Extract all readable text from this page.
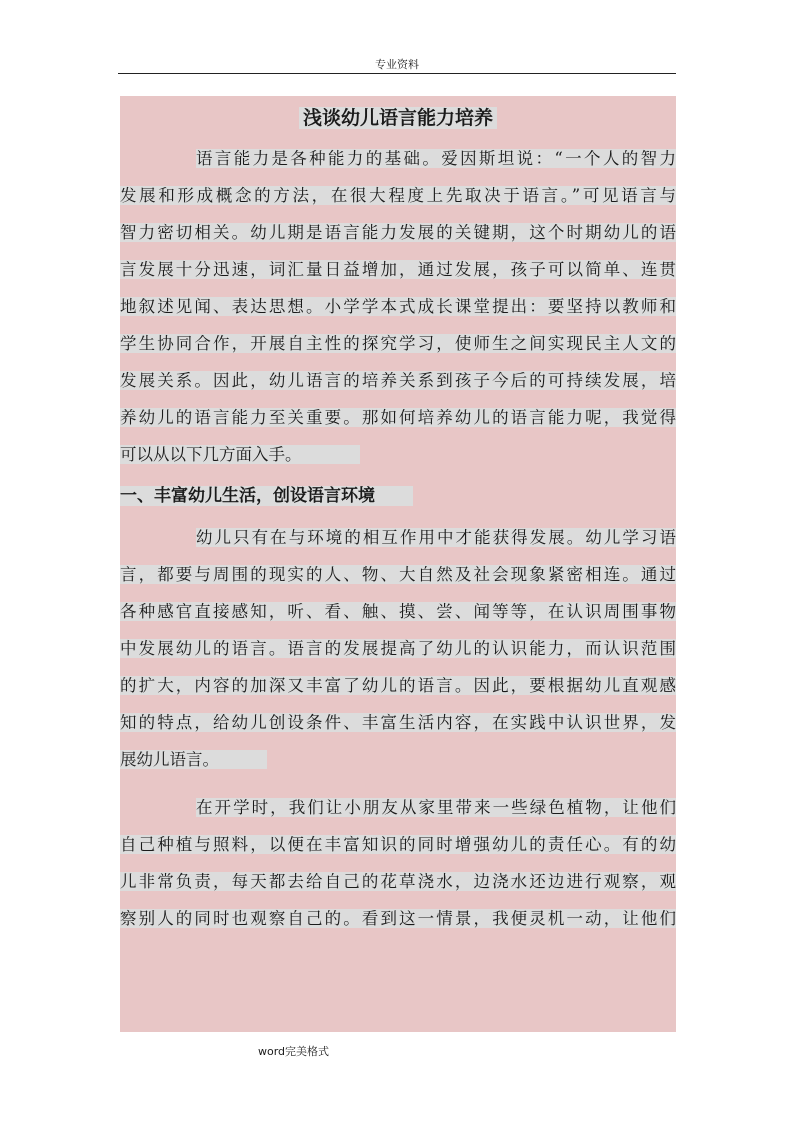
专业资料
浅谈幼儿语言能力培养
语言能力是各种能力的基础。爱因斯坦说：“一个人的智力
发展和形成概念的方法，在很大程度上先取决于语言。”可见语言与
智力密切相关。幼儿期是语言能力发展的关键期，这个时期幼儿的语
言发展十分迅速，词汇量日益增加，通过发展，孩子可以简单、连贯
地叙述见闻、表达思想。小学学本式成长课堂提出：要坚持以教师和
学生协同合作，开展自主性的探究学习，使师生之间实现民主人文的
发展关系。因此，幼儿语言的培养关系到孩子今后的可持续发展，培
养幼儿的语言能力至关重要。那如何培养幼儿的语言能力呢，我觉得
可以从以下几方面入手。
一、丰富幼儿生活，创设语言环境
幼儿只有在与环境的相互作用中才能获得发展。幼儿学习语
言，都要与周围的现实的人、物、大自然及社会现象紧密相连。通过
各种感官直接感知，听、看、触、摸、尝、闻等等，在认识周围事物
中发展幼儿的语言。语言的发展提高了幼儿的认识能力，而认识范围
的扩大，内容的加深又丰富了幼儿的语言。因此，要根据幼儿直观感
知的特点，给幼儿创设条件、丰富生活内容，在实践中认识世界，发
展幼儿语言。
在开学时，我们让小朋友从家里带来一些绿色植物，让他们
自己种植与照料，以便在丰富知识的同时增强幼儿的责任心。有的幼
儿非常负责，每天都去给自己的花草浇水，边浇水还边进行观察，观
察别人的同时也观察自己的。看到这一情景，我便灵机一动，让他们
word完美格式
